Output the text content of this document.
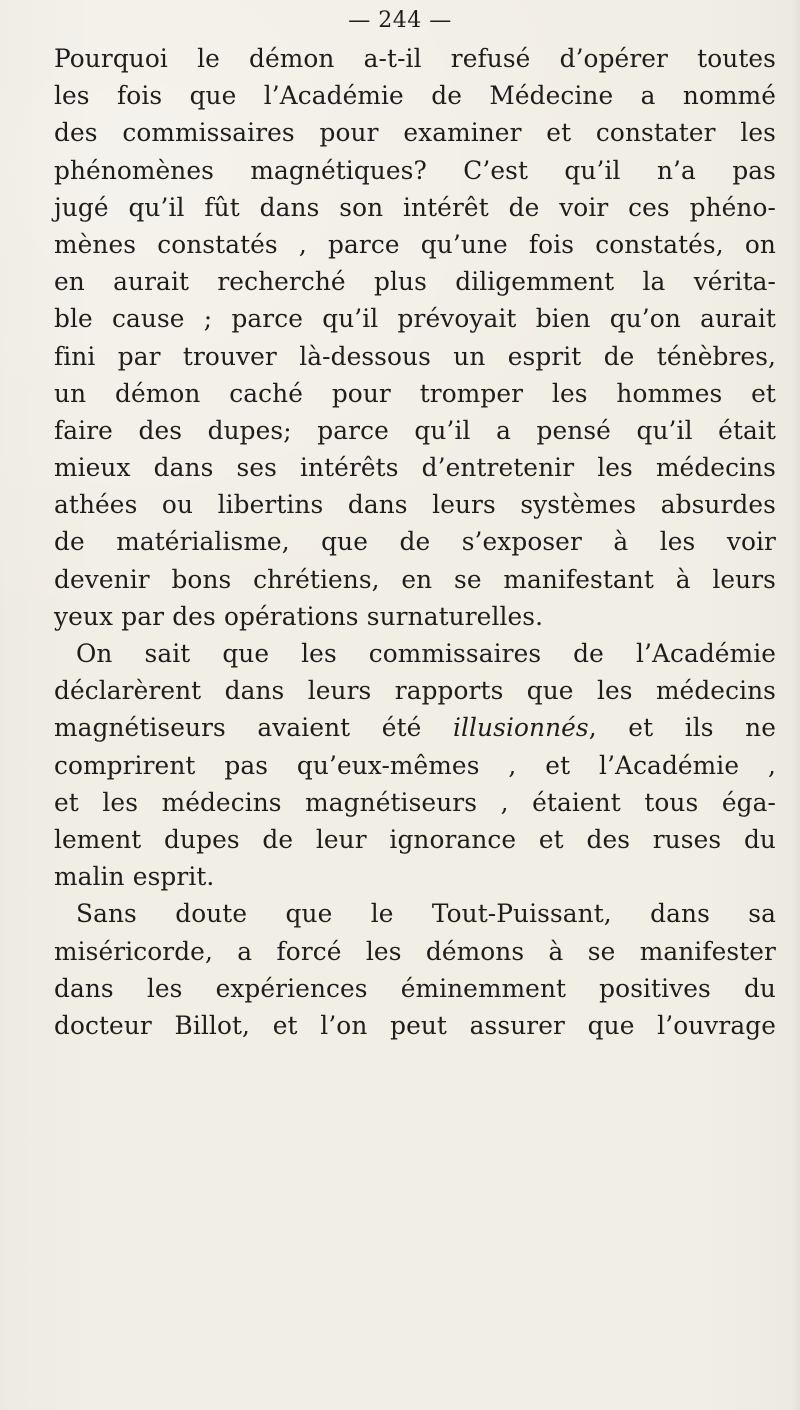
— 244 —
Pourquoi le démon a-t-il refusé d’opérer toutes
les fois que l’Académie de Médecine a nommé
des commissaires pour examiner et constater les
phénomènes magnétiques? C’est qu’il n’a pas
jugé qu’il fût dans son intérêt de voir ces phéno-
mènes constatés , parce qu’une fois constatés, on
en aurait recherché plus diligemment la vérita-
ble cause ; parce qu’il prévoyait bien qu’on aurait
fini par trouver là-dessous un esprit de ténèbres,
un démon caché pour tromper les hommes et
faire des dupes; parce qu’il a pensé qu’il était
mieux dans ses intérêts d’entretenir les médecins
athées ou libertins dans leurs systèmes absurdes
de matérialisme, que de s’exposer à les voir
devenir bons chrétiens, en se manifestant à leurs
yeux par des opérations surnaturelles.
On sait que les commissaires de l’Académie
déclarèrent dans leurs rapports que les médecins
magnétiseurs avaient été illusionnés, et ils ne
comprirent pas qu’eux-mêmes , et l’Académie ,
et les médecins magnétiseurs , étaient tous éga-
lement dupes de leur ignorance et des ruses du
malin esprit.
Sans doute que le Tout-Puissant, dans sa
miséricorde, a forcé les démons à se manifester
dans les expériences éminemment positives du
docteur Billot, et l’on peut assurer que l’ouvrage
